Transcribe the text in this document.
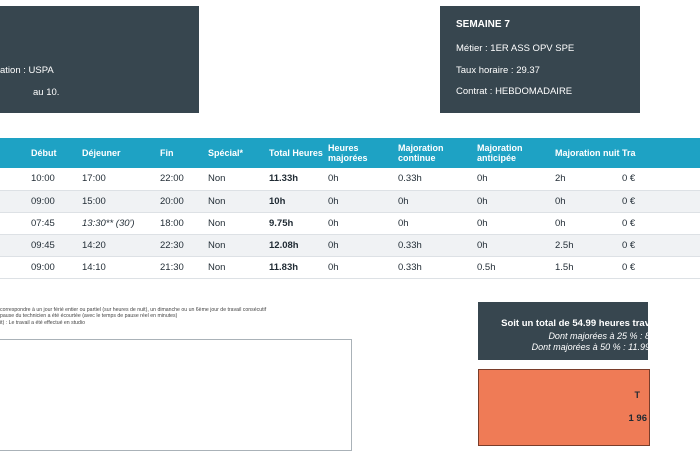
ation : USPA
au 10.
SEMAINE 7
Métier : 1ER ASS OPV SPE
Taux horaire : 29.37
Contrat : HEBDOMADAIRE
	Début	Déjeuner	Fin	Spécial*	Total Heures	Heures majorées	Majoration continue	Majoration anticipée	Majoration nuit	Tra
	10:00	17:00	22:00	Non	11.33h	0h	0.33h	0h	2h	0 €
	09:00	15:00	20:00	Non	10h	0h	0h	0h	0h	0 €
	07:45	13:30** (30')	18:00	Non	9.75h	0h	0h	0h	0h	0 €
	09:45	14:20	22:30	Non	12.08h	0h	0.33h	0h	2.5h	0 €
	09:00	14:10	21:30	Non	11.83h	0h	0.33h	0.5h	1.5h	0 €
correspondre à un jour férié entier ou partiel (sur heures de nuit), un dimanche ou un 6ème jour de travail consécutif
pause du technicien a été écourtée (avec le temps de pause réel en minutes)
it) : Le travail a été effectué en studio	Soit un total de 54.99 heures trav
Dont majorées à 25 % : 8
Dont majorées à 50 % : 11.99
T
1 96
